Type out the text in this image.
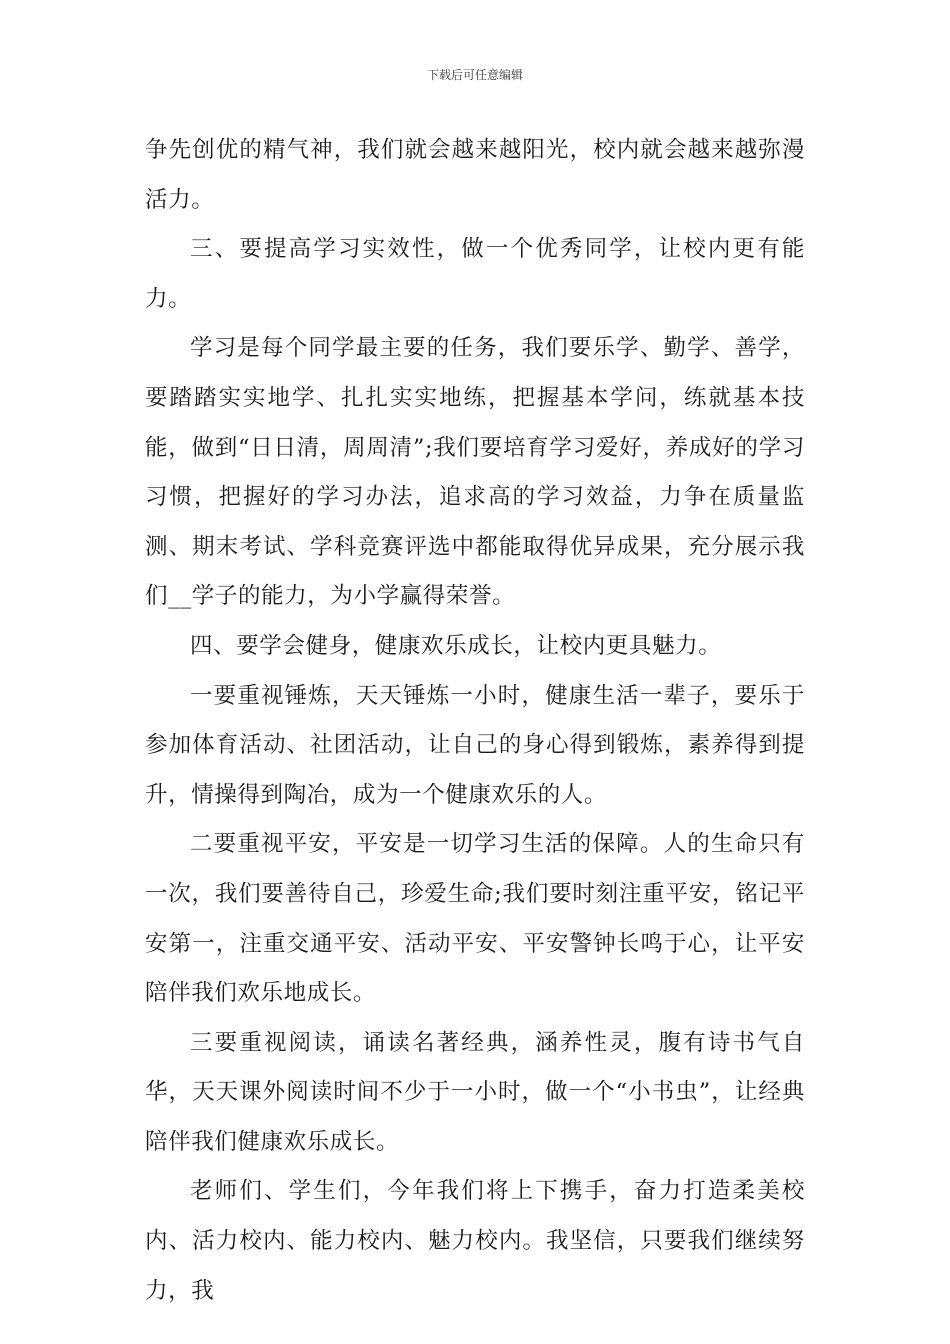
下载后可任意编辑

争先创优的精气神，我们就会越来越阳光，校内就会越来越弥漫活力。

三、要提高学习实效性，做一个优秀同学，让校内更有能力。

学习是每个同学最主要的任务，我们要乐学、勤学、善学，要踏踏实实地学、扎扎实实地练，把握基本学问，练就基本技能，做到“日日清，周周清”;我们要培育学习爱好，养成好的学习习惯，把握好的学习办法，追求高的学习效益，力争在质量监测、期末考试、学科竞赛评选中都能取得优异成果，充分展示我们__学子的能力，为小学赢得荣誉。

四、要学会健身，健康欢乐成长，让校内更具魅力。

一要重视锤炼，天天锤炼一小时，健康生活一辈子，要乐于参加体育活动、社团活动，让自己的身心得到锻炼，素养得到提升，情操得到陶冶，成为一个健康欢乐的人。

二要重视平安，平安是一切学习生活的保障。人的生命只有一次，我们要善待自己，珍爱生命;我们要时刻注重平安，铭记平安第一，注重交通平安、活动平安、平安警钟长鸣于心，让平安陪伴我们欢乐地成长。

三要重视阅读，诵读名著经典，涵养性灵，腹有诗书气自华，天天课外阅读时间不少于一小时，做一个“小书虫”，让经典陪伴我们健康欢乐成长。

老师们、学生们，今年我们将上下携手，奋力打造柔美校内、活力校内、能力校内、魅力校内。我坚信，只要我们继续努力，我
